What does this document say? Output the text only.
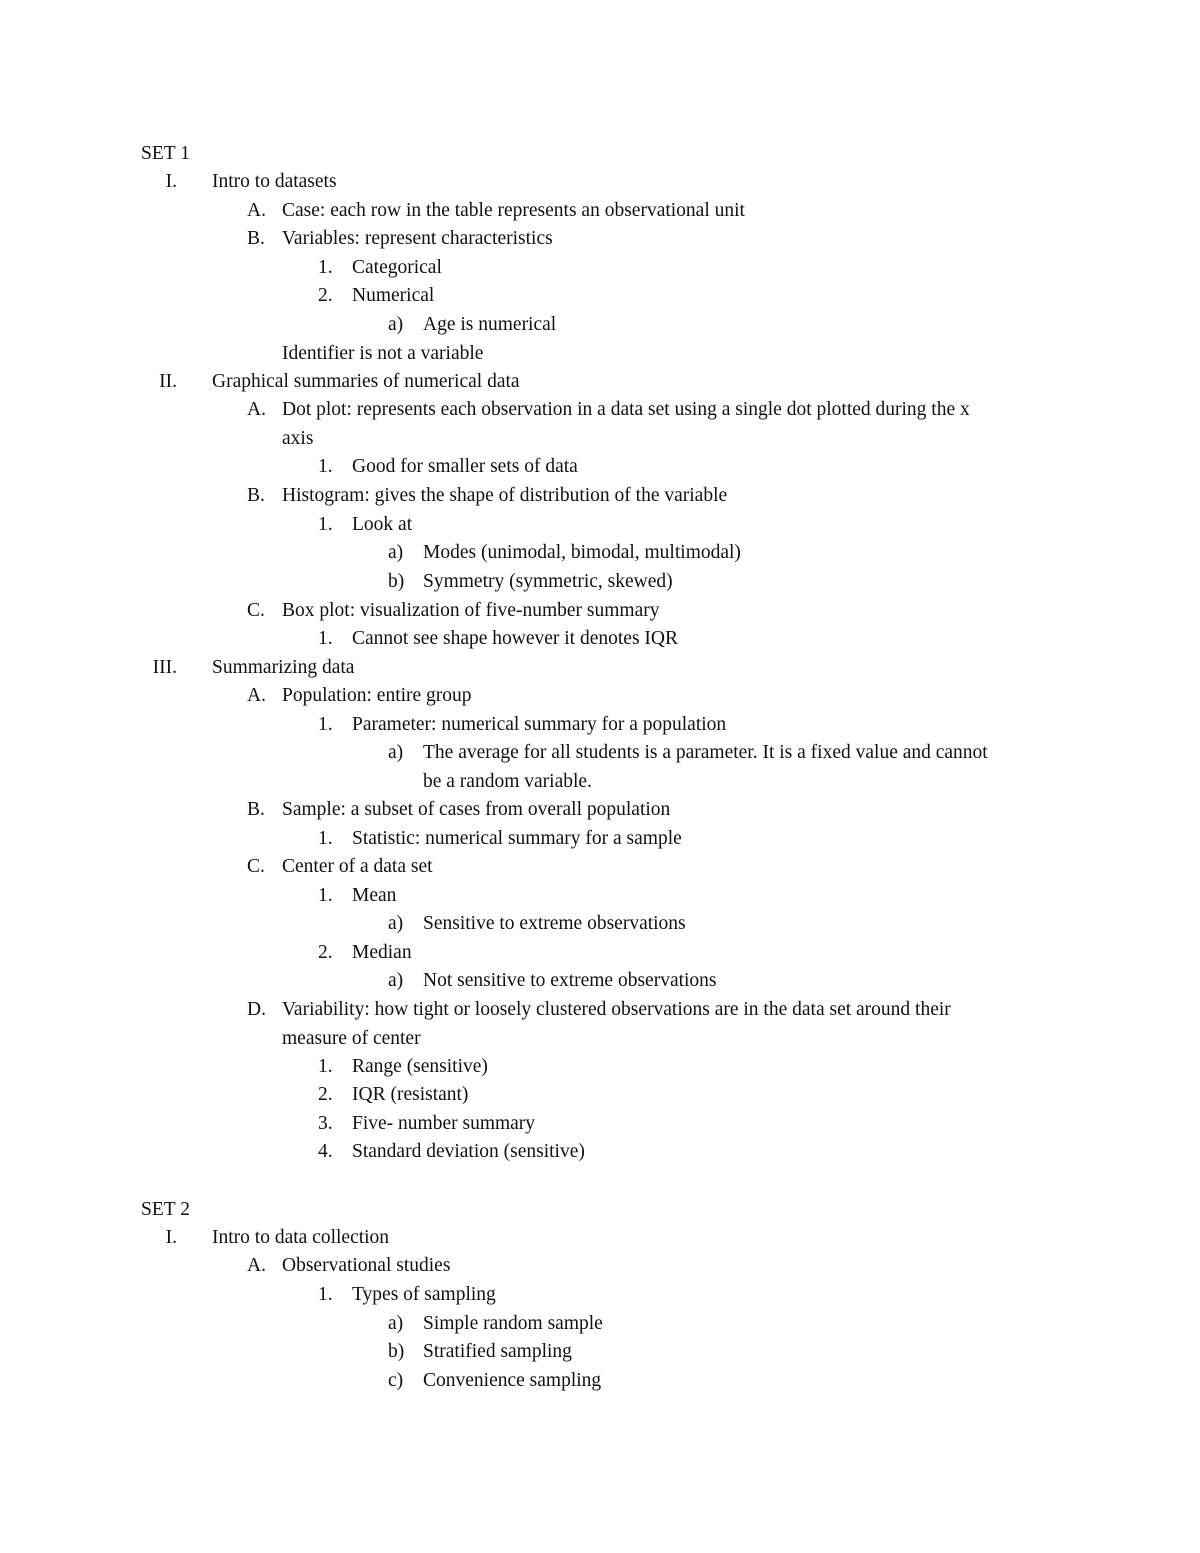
SET 1
I. Intro to datasets
A. Case: each row in the table represents an observational unit
B. Variables: represent characteristics
1. Categorical
2. Numerical
a) Age is numerical
Identifier is not a variable
II. Graphical summaries of numerical data
A. Dot plot: represents each observation in a data set using a single dot plotted during the x
axis
1. Good for smaller sets of data
B. Histogram: gives the shape of distribution of the variable
1. Look at
a) Modes (unimodal, bimodal, multimodal)
b) Symmetry (symmetric, skewed)
C. Box plot: visualization of five-number summary
1. Cannot see shape however it denotes IQR
III. Summarizing data
A. Population: entire group
1. Parameter: numerical summary for a population
a) The average for all students is a parameter. It is a fixed value and cannot
be a random variable.
B. Sample: a subset of cases from overall population
1. Statistic: numerical summary for a sample
C. Center of a data set
1. Mean
a) Sensitive to extreme observations
2. Median
a) Not sensitive to extreme observations
D. Variability: how tight or loosely clustered observations are in the data set around their
measure of center
1. Range (sensitive)
2. IQR (resistant)
3. Five- number summary
4. Standard deviation (sensitive)
SET 2
I. Intro to data collection
A. Observational studies
1. Types of sampling
a) Simple random sample
b) Stratified sampling
c) Convenience sampling
